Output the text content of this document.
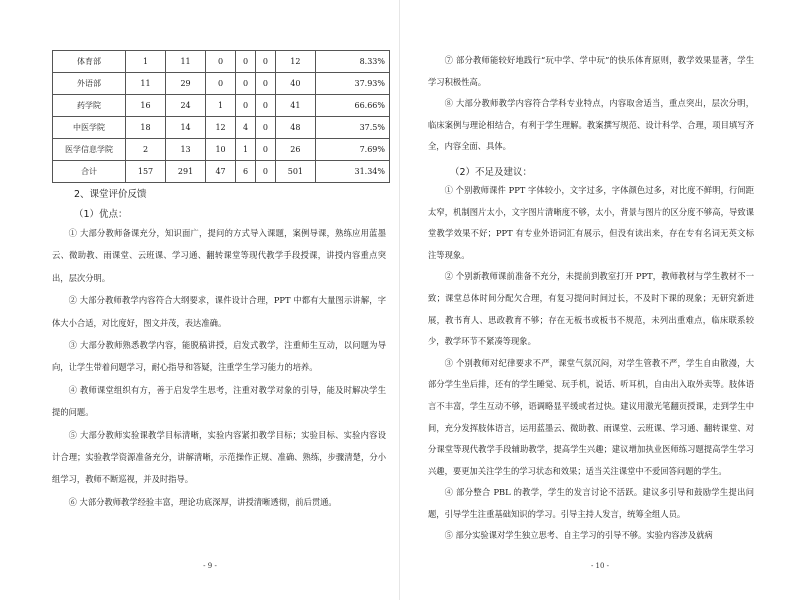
体育部	1	11	0	0	0	12	8.33%
外语部	11	29	0	0	0	40	37.93%
药学院	16	24	1	0	0	41	66.66%
中医学院	18	14	12	4	0	48	37.5%
医学信息学院	2	13	10	1	0	26	7.69%
合计	157	291	47	6	0	501	31.34%
2、课堂评价反馈
（1）优点：

① 大部分教师备课充分，知识面广，提问的方式导入课题，案例导课，熟练应用蓝墨云、微助教、雨课堂、云班课、学习通、翻转课堂等现代教学手段授课，讲授内容重点突出，层次分明。

② 大部分教师教学内容符合大纲要求，课件设计合理，PPT 中都有大量图示讲解，字体大小合适，对比度好，图文并茂，表达准确。

③ 大部分教师熟悉教学内容，能脱稿讲授，启发式教学，注重师生互动，以问题为导向，让学生带着问题学习，耐心指导和答疑，注重学生学习能力的培养。

④ 教师课堂组织有方，善于启发学生思考，注重对教学对象的引导，能及时解决学生提的问题。

⑤ 大部分教师实验课教学目标清晰，实验内容紧扣教学目标；实验目标、实验内容设计合理；实验教学资源准备充分，讲解清晰，示范操作正规、准确、熟练，步骤清楚，分小组学习，教师不断巡视，并及时指导。

⑥ 大部分教师教学经验丰富，理论功底深厚，讲授清晰透彻，前后贯通。

- 9 -

⑦ 部分教师能较好地践行“玩中学、学中玩”的快乐体育原则，教学效果显著，学生学习积极性高。

⑧ 大部分教师教学内容符合学科专业特点，内容取舍适当，重点突出，层次分明，临床案例与理论相结合，有利于学生理解。教案撰写规范、设计科学、合理，项目填写齐全，内容全面、具体。

（2）不足及建议：

① 个别教师课件 PPT 字体较小，文字过多，字体颜色过多，对比度不鲜明，行间距太窄，机制图片太小，文字图片清晰度不够，太小，背景与图片的区分度不够高，导致课堂教学效果不好；PPT 有专业外语词汇有展示，但没有读出来，存在专有名词无英文标注等现象。

② 个别新教师课前准备不充分，未提前到教室打开 PPT，教师教材与学生教材不一致；课堂总体时间分配欠合理，有复习提问时间过长，不及时下课的现象；无研究新进展，教书育人、思政教育不够；存在无板书或板书不规范，未列出重难点，临床联系较少，教学环节不紧凑等现象。

③ 个别教师对纪律要求不严，课堂气氛沉闷，对学生管教不严，学生自由散漫，大部分学生坐后排，还有的学生睡觉、玩手机，说话、听耳机，自由出入取外卖等。肢体语言不丰富，学生互动不够，语调略显平缓或者过快。建议用激光笔翻页授课，走到学生中间，充分发挥肢体语言，运用蓝墨云、微助教、雨课堂、云班课、学习通、翻转课堂、对分课堂等现代教学手段辅助教学，提高学生兴趣；建议增加执业医师练习题提高学生学习兴趣，要更加关注学生的学习状态和效果；适当关注课堂中不爱回答问题的学生。

④ 部分整合 PBL 的教学，学生的发言讨论不活跃。建议多引导和鼓励学生提出问题，引导学生注重基础知识的学习。引导主持人发言，统筹全组人员。

⑤ 部分实验课对学生独立思考、自主学习的引导不够。实验内容涉及就病

- 10 -
